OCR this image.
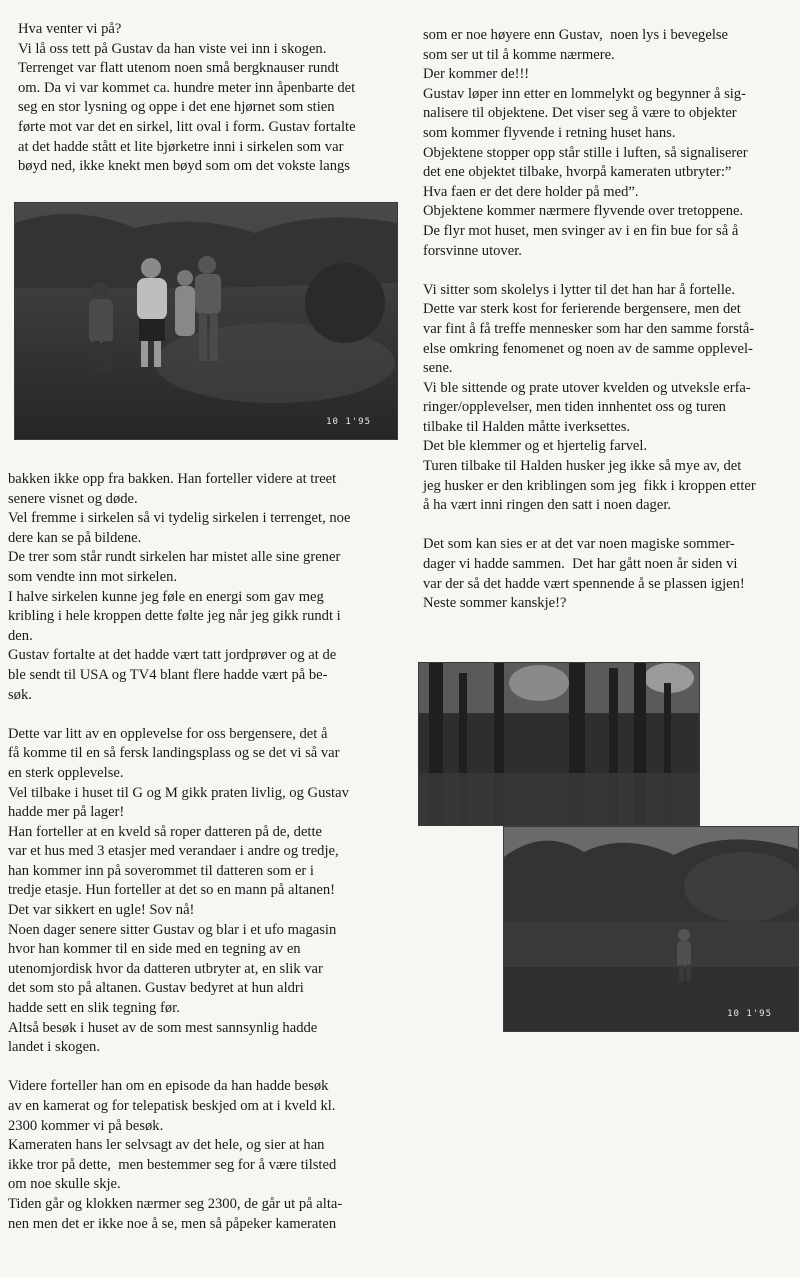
Hva venter vi på?

Vi lå oss tett på Gustav da han viste vei inn i skogen.

Terrenget var flatt utenom noen små bergknauser rundt

om. Da vi var kommet ca. hundre meter inn åpenbarte det

seg en stor lysning og oppe i det ene hjørnet som stien

førte mot var det en sirkel, litt oval i form. Gustav fortalte

at det hadde stått et lite bjørketre inni i sirkelen som var

bøyd ned, ikke knekt men bøyd som om det vokste langs

10 1'95

bakken ikke opp fra bakken. Han forteller videre at treet

senere visnet og døde.

Vel fremme i sirkelen så vi tydelig sirkelen i terrenget, noe

dere kan se på bildene.

De trer som står rundt sirkelen har mistet alle sine grener

som vendte inn mot sirkelen.

I halve sirkelen kunne jeg føle en energi som gav meg

kribling i hele kroppen dette følte jeg når jeg gikk rundt i

den.

Gustav fortalte at det hadde vært tatt jordprøver og at de

ble sendt til USA og TV4 blant flere hadde vært på be-

søk.

Dette var litt av en opplevelse for oss bergensere, det å

få komme til en så fersk landingsplass og se det vi så var

en sterk opplevelse.

Vel tilbake i huset til G og M gikk praten livlig, og Gustav

hadde mer på lager!

Han forteller at en kveld så roper datteren på de, dette

var et hus med 3 etasjer med verandaer i andre og tredje,

han kommer inn på soverommet til datteren som er i

tredje etasje. Hun forteller at det so en mann på altanen!

Det var sikkert en ugle! Sov nå!

Noen dager senere sitter Gustav og blar i et ufo magasin

hvor han kommer til en side med en tegning av en

utenomjordisk hvor da datteren utbryter at, en slik var

det som sto på altanen. Gustav bedyret at hun aldri

hadde sett en slik tegning før.

Altså besøk i huset av de som mest sannsynlig hadde

landet i skogen.

Videre forteller han om en episode da han hadde besøk

av en kamerat og for telepatisk beskjed om at i kveld kl.

2300 kommer vi på besøk.

Kameraten hans ler selvsagt av det hele, og sier at han

ikke tror på dette,  men bestemmer seg for å være tilsted

om noe skulle skje.

Tiden går og klokken nærmer seg 2300, de går ut på alta-

nen men det er ikke noe å se, men så påpeker kameraten

som er noe høyere enn Gustav,  noen lys i bevegelse

som ser ut til å komme nærmere.

Der kommer de!!!

Gustav løper inn etter en lommelykt og begynner å sig-

nalisere til objektene. Det viser seg å være to objekter

som kommer flyvende i retning huset hans.

Objektene stopper opp står stille i luften, så signaliserer

det ene objektet tilbake, hvorpå kameraten utbryter:”

Hva faen er det dere holder på med”.

Objektene kommer nærmere flyvende over tretoppene.

De flyr mot huset, men svinger av i en fin bue for så å

forsvinne utover.

Vi sitter som skolelys i lytter til det han har å fortelle.

Dette var sterk kost for ferierende bergensere, men det

var fint å få treffe mennesker som har den samme forstå-

else omkring fenomenet og noen av de samme opplevel-

sene.

Vi ble sittende og prate utover kvelden og utveksle erfa-

ringer/opplevelser, men tiden innhentet oss og turen

tilbake til Halden måtte iverksettes.

Det ble klemmer og et hjertelig farvel.

Turen tilbake til Halden husker jeg ikke så mye av, det

jeg husker er den kriblingen som jeg  fikk i kroppen etter

å ha vært inni ringen den satt i noen dager.

Det som kan sies er at det var noen magiske sommer-

dager vi hadde sammen.  Det har gått noen år siden vi

var der så det hadde vært spennende å se plassen igjen!

Neste sommer kanskje!?

10 1'95
